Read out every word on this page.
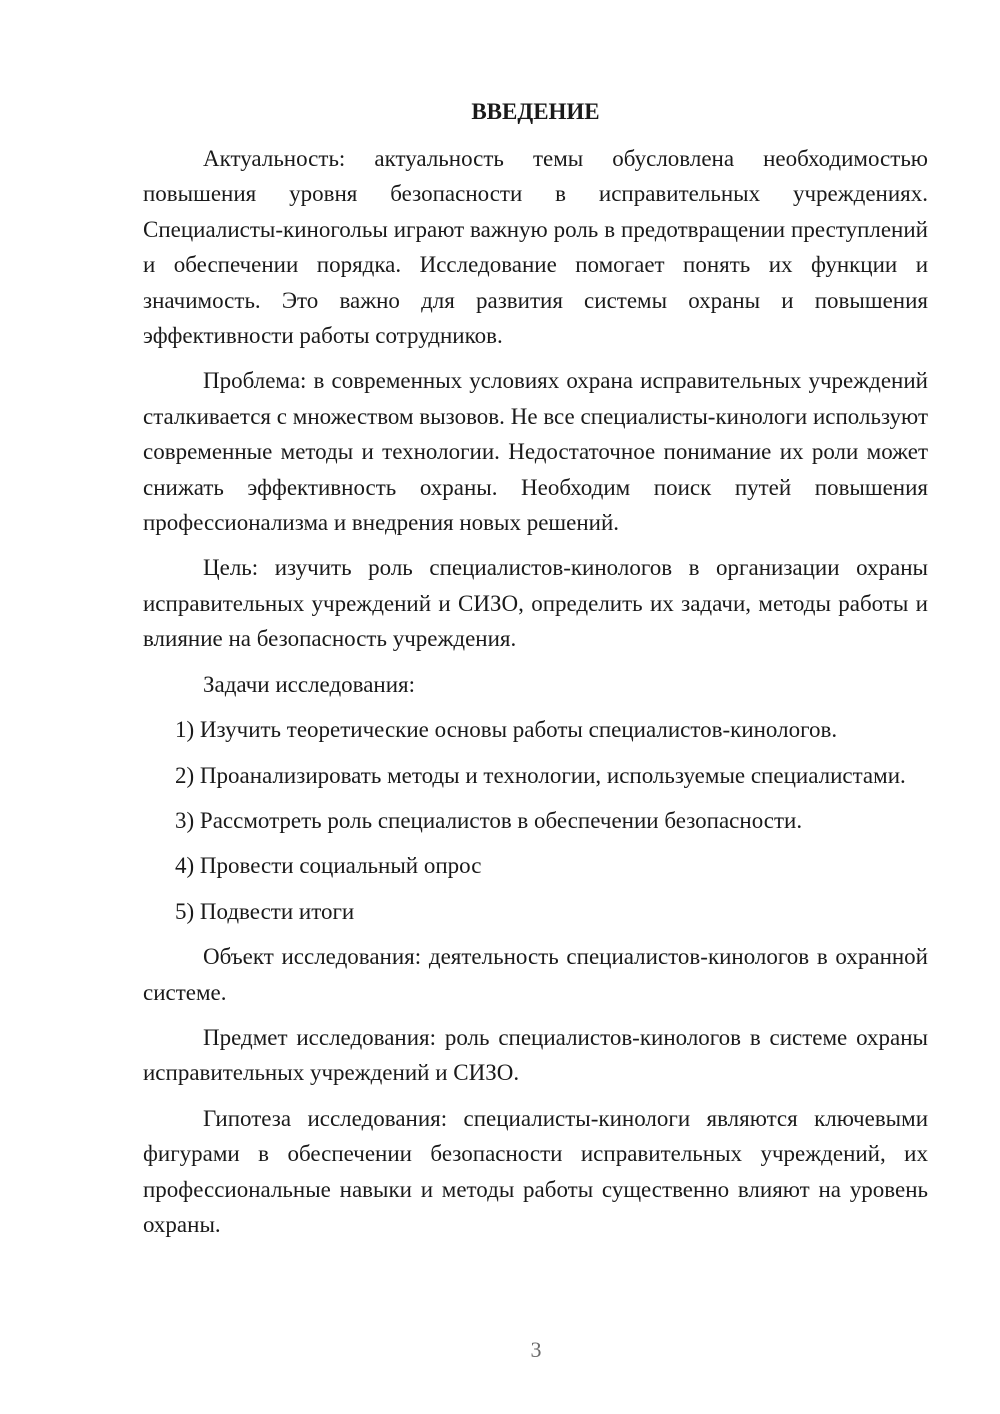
ВВЕДЕНИЕ

Актуальность: актуальность темы обусловлена необходимостью повышения уровня безопасности в исправительных учреждениях. Специалисты-киногольы играют важную роль в предотвращении преступлений и обеспечении порядка. Исследование помогает понять их функции и значимость. Это важно для развития системы охраны и повышения эффективности работы сотрудников.

Проблема: в современных условиях охрана исправительных учреждений сталкивается с множеством вызовов. Не все специалисты-кинологи используют современные методы и технологии. Недостаточное понимание их роли может снижать эффективность охраны. Необходим поиск путей повышения профессионализма и внедрения новых решений.

Цель: изучить роль специалистов-кинологов в организации охраны исправительных учреждений и СИЗО, определить их задачи, методы работы и влияние на безопасность учреждения.

Задачи исследования:

1) Изучить теоретические основы работы специалистов-кинологов.

2) Проанализировать методы и технологии, используемые специалистами.

3) Рассмотреть роль специалистов в обеспечении безопасности.

4) Провести социальный опрос

5) Подвести итоги

Объект исследования: деятельность специалистов-кинологов в охранной системе.

Предмет исследования: роль специалистов-кинологов в системе охраны исправительных учреждений и СИЗО.

Гипотеза исследования: специалисты-кинологи являются ключевыми фигурами в обеспечении безопасности исправительных учреждений, их профессиональные навыки и методы работы существенно влияют на уровень охраны.

3
